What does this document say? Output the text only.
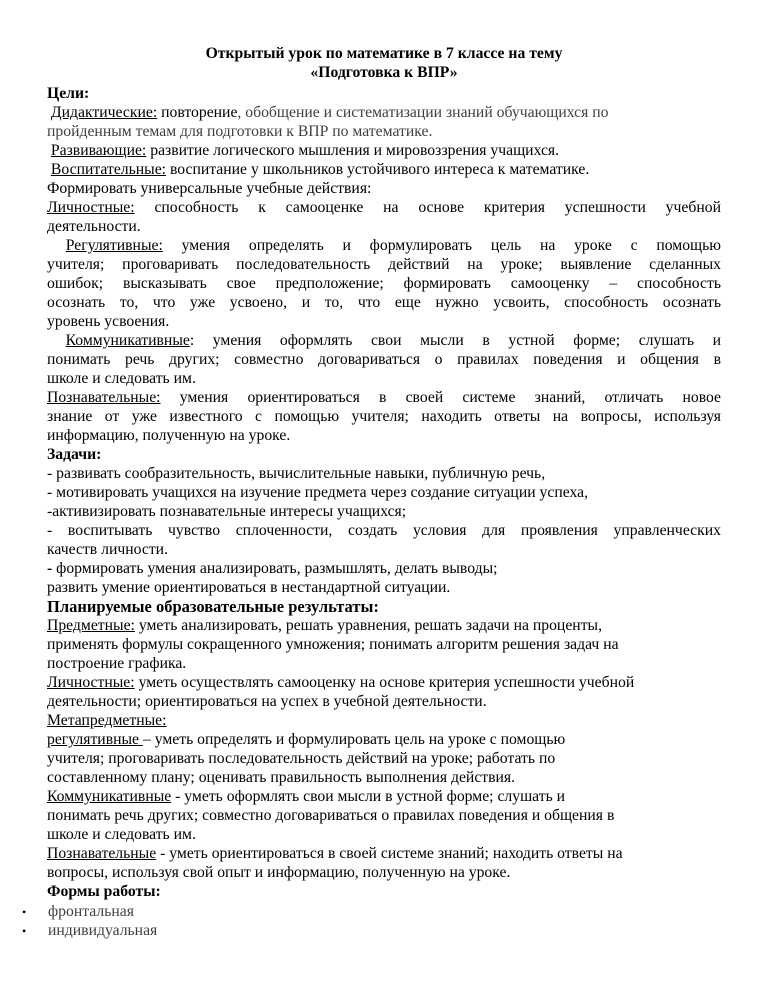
Открытый урок по математике в 7 классе на тему
«Подготовка к ВПР»
Цели:
Дидактические: повторение, обобщение и систематизации знаний обучающихся по
пройденным темам для подготовки к ВПР по математике.
Развивающие: развитие логического мышления и мировоззрения учащихся.
Воспитательные: воспитание у школьников устойчивого интереса к математике.
Формировать универсальные учебные действия:
Личностные: способность к самооценке на основе критерия успешности учебной
деятельности.
Регулятивные: умения определять и формулировать цель на уроке с помощью
учителя; проговаривать последовательность действий на уроке; выявление сделанных
ошибок; высказывать свое предположение; формировать самооценку – способность
осознать то, что уже усвоено, и то, что еще нужно усвоить, способность осознать
уровень усвоения.
Коммуникативные: умения оформлять свои мысли в устной форме; слушать и
понимать речь других; совместно договариваться о правилах поведения и общения в
школе и следовать им.
Познавательные: умения ориентироваться в своей системе знаний, отличать новое
знание от уже известного с помощью учителя; находить ответы на вопросы, используя
информацию, полученную на уроке.
Задачи:
- развивать сообразительность, вычислительные навыки, публичную речь,
- мотивировать учащихся на изучение предмета через создание ситуации успеха,
-активизировать познавательные интересы учащихся;
- воспитывать чувство сплоченности, создать условия для проявления управленческих
качеств личности.
- формировать умения анализировать, размышлять, делать выводы;
развить умение ориентироваться в нестандартной ситуации.
Планируемые образовательные результаты:
Предметные: уметь анализировать, решать уравнения, решать задачи на проценты,
применять формулы сокращенного умножения; понимать алгоритм решения задач на
построение графика.
Личностные: уметь осуществлять самооценку на основе критерия успешности учебной
деятельности; ориентироваться на успех в учебной деятельности.
Метапредметные:
регулятивные – уметь определять и формулировать цель на уроке с помощью
учителя; проговаривать последовательность действий на уроке; работать по
составленному плану; оценивать правильность выполнения действия.
Коммуникативные - уметь оформлять свои мысли в устной форме; слушать и
понимать речь других; совместно договариваться о правилах поведения и общения в
школе и следовать им.
Познавательные - уметь ориентироваться в своей системе знаний; находить ответы на
вопросы, используя свой опыт и информацию, полученную на уроке.
Формы работы:
• фронтальная
• индивидуальная
